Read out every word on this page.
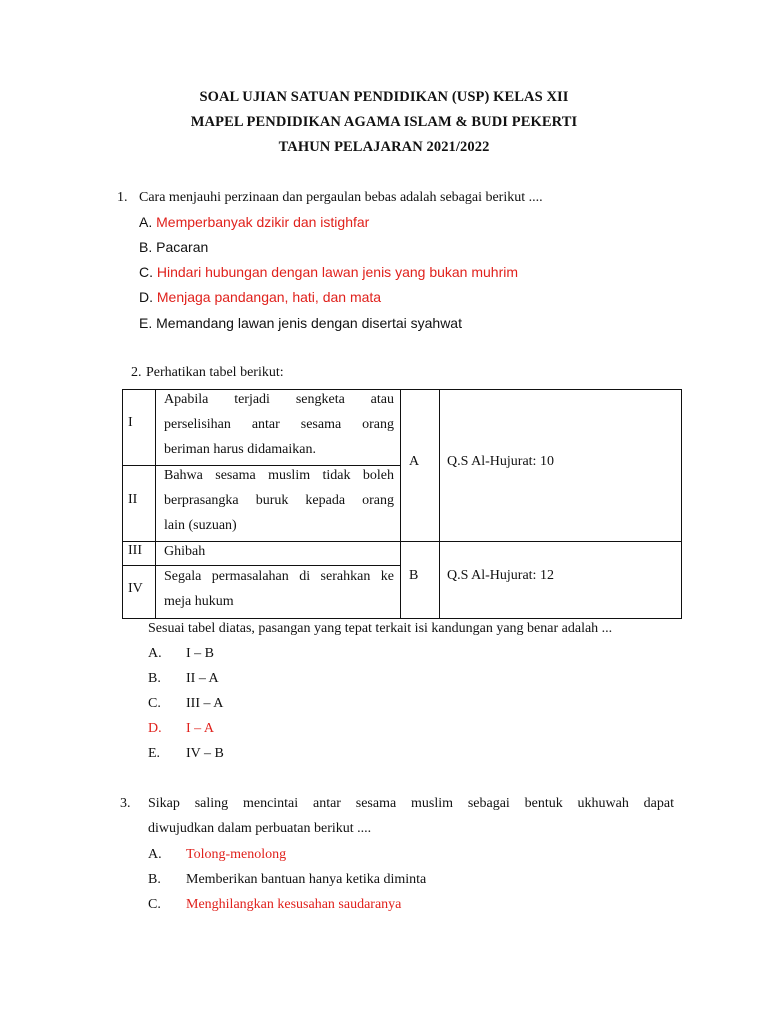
SOAL UJIAN SATUAN PENDIDIKAN (USP) KELAS XII
MAPEL PENDIDIKAN AGAMA ISLAM & BUDI PEKERTI
TAHUN PELAJARAN 2021/2022
1. Cara menjauhi perzinaan dan pergaulan bebas adalah sebagai berikut ....
A. Memperbanyak dzikir dan istighfar
B. Pacaran
C. Hindari hubungan dengan lawan jenis yang bukan muhrim
D. Menjaga pandangan, hati, dan mata
E. Memandang lawan jenis dengan disertai syahwat
2. Perhatikan tabel berikut:
I
II
III
IV
Apabila terjadi sengketa atau
perselisihan antar sesama orang
beriman harus didamaikan.
Bahwa sesama muslim tidak boleh
berprasangka buruk kepada orang
lain (suzuan)
Ghibah
Segala permasalahan di serahkan ke
meja hukum
A Q.S Al-Hujurat: 10
B Q.S Al-Hujurat: 12
Sesuai tabel diatas, pasangan yang tepat terkait isi kandungan yang benar adalah ...
A. I – B
B. II – A
C. III – A
D. I – A
E. IV – B
3. Sikap saling mencintai antar sesama muslim sebagai bentuk ukhuwah dapat
diwujudkan dalam perbuatan berikut ....
A. Tolong-menolong
B. Memberikan bantuan hanya ketika diminta
C. Menghilangkan kesusahan saudaranya
